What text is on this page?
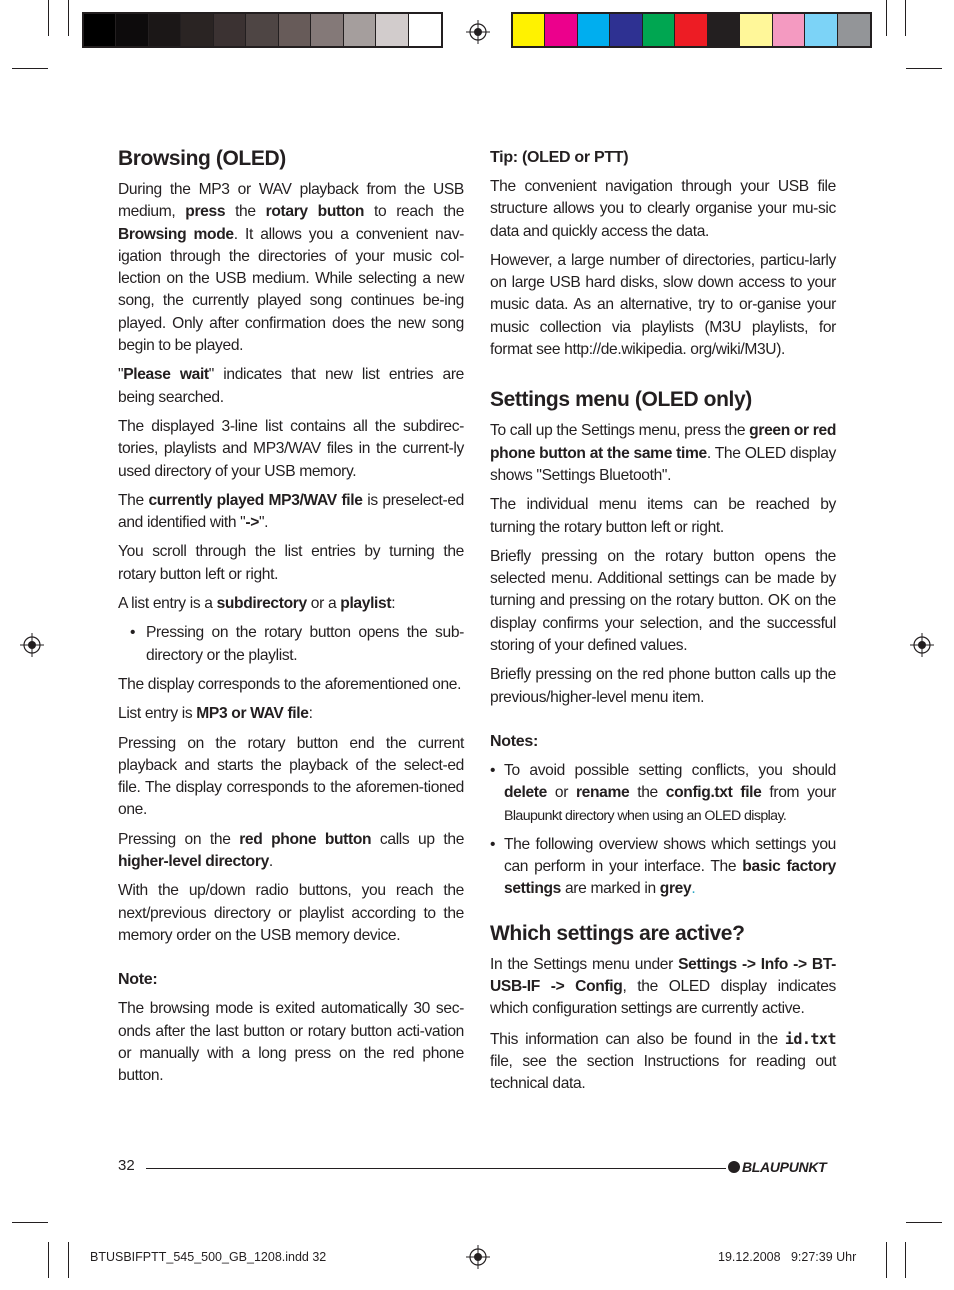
Browsing (OLED)

During the MP3 or WAV playback from the USB medium, press the rotary button to reach the Browsing mode. It allows you a convenient nav-igation through the directories of your music col-lection on the USB medium. While selecting a new song, the currently played song continues be-ing played. Only after confirmation does the new song begin to be played.

"Please wait" indicates that new list entries are being searched.

The displayed 3-line list contains all the subdirec-tories, playlists and MP3/WAV files in the current-ly used directory of your USB memory.

The currently played MP3/WAV file is preselect-ed and identified with "->".

You scroll through the list entries by turning the rotary button left or right.

A list entry is a subdirectory or a playlist:

• Pressing on the rotary button opens the sub-directory or the playlist.

The display corresponds to the aforementioned one.

List entry is MP3 or WAV file:

Pressing on the rotary button end the current playback and starts the playback of the select-ed file. The display corresponds to the aforemen-tioned one.

Pressing on the red phone button calls up the higher-level directory.

With the up/down radio buttons, you reach the next/previous directory or playlist according to the memory order on the USB memory device.

Note:

The browsing mode is exited automatically 30 sec-onds after the last button or rotary button acti-vation or manually with a long press on the red phone button.

Tip: (OLED or PTT)

The convenient navigation through your USB file structure allows you to clearly organise your mu-sic data and quickly access the data.

However, a large number of directories, particu-larly on large USB hard disks, slow down access to your music data. As an alternative, try to or-ganise your music collection via playlists (M3U playlists, for format see http://de.wikipedia. org/wiki/M3U).

Settings menu (OLED only)

To call up the Settings menu, press the green or red phone button at the same time. The OLED display shows "Settings Bluetooth".

The individual menu items can be reached by turning the rotary button left or right.

Briefly pressing on the rotary button opens the selected menu. Additional settings can be made by turning and pressing on the rotary button. OK on the display confirms your selection, and the successful storing of your defined values.

Briefly pressing on the red phone button calls up the previous/higher-level menu item.

Notes:
• To avoid possible setting conflicts, you should delete or rename the config.txt file from your Blaupunkt directory when using an OLED display.
• The following overview shows which settings you can perform in your interface. The basic factory settings are marked in grey.
Which settings are active?

In the Settings menu under Settings -> Info -> BT-USB-IF -> Config, the OLED display indicates which configuration settings are currently active.

This information can also be found in the id.txt file, see the section Instructions for reading out technical data.

32	BLAUPUNKT
BTUSBIFPTT_545_500_GB_1208.indd 32	19.12.2008   9:27:39 Uhr
